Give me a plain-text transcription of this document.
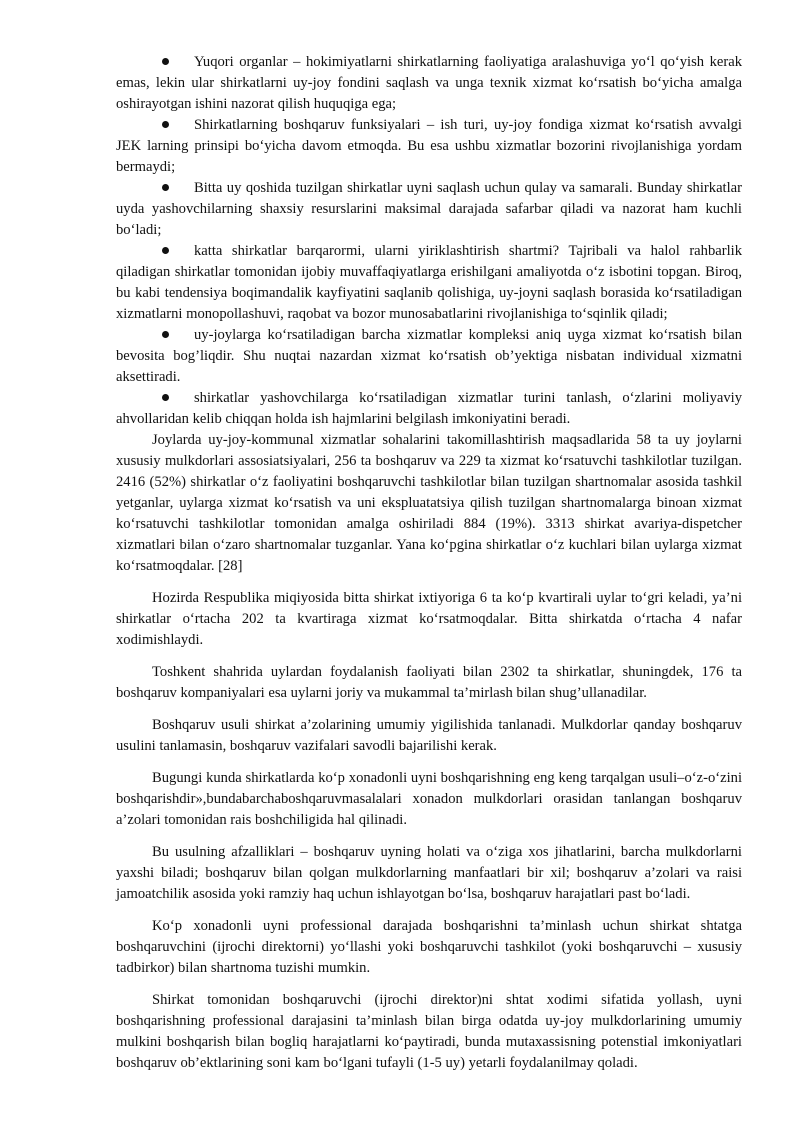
Yuqori organlar – hokimiyatlarni shirkatlarning faoliyatiga aralashuviga yo‘l qo‘yish kerak emas, lekin ular shirkatlarni uy-joy fondini saqlash va unga texnik xizmat ko‘rsatish bo‘yicha amalga oshirayotgan ishini nazorat qilish huquqiga ega;
Shirkatlarning boshqaruv funksiyalari – ish turi, uy-joy fondiga xizmat ko‘rsatish avvalgi JEK larning prinsipi bo‘yicha davom etmoqda. Bu esa ushbu xizmatlar bozorini rivojlanishiga yordam bermaydi;
Bitta uy qoshida tuzilgan shirkatlar uyni saqlash uchun qulay va samarali. Bunday shirkatlar uyda yashovchilarning shaxsiy resurslarini maksimal darajada safarbar qiladi va nazorat ham kuchli bo‘ladi;
katta shirkatlar barqarormi, ularni yiriklashtirish shartmi? Tajribali va halol rahbarlik qiladigan shirkatlar tomonidan ijobiy muvaffaqiyatlarga erishilgani amaliyotda o‘z isbotini topgan. Biroq, bu kabi tendensiya boqimandalik kayfiyatini saqlanib qolishiga, uy-joyni saqlash borasida ko‘rsatiladigan xizmatlarni monopollashuvi, raqobat va bozor munosabatlarini rivojlanishiga to‘sqinlik qiladi;
uy-joylarga ko‘rsatiladigan barcha xizmatlar kompleksi aniq uyga xizmat ko‘rsatish bilan bevosita bog’liqdir. Shu nuqtai nazardan xizmat ko‘rsatish ob’yektiga nisbatan individual xizmatni aksettiradi.
shirkatlar yashovchilarga ko‘rsatiladigan xizmatlar turini tanlash, o‘zlarini moliyaviy ahvollaridan kelib chiqqan holda ish hajmlarini belgilash imkoniyatini beradi.

Joylarda uy-joy-kommunal xizmatlar sohalarini takomillashtirish maqsadlarida 58 ta uy joylarni xususiy mulkdorlari assosiatsiyalari, 256 ta boshqaruv va 229 ta xizmat ko‘rsatuvchi tashkilotlar tuzilgan. 2416 (52%) shirkatlar o‘z faoliyatini boshqaruvchi tashkilotlar bilan tuzilgan shartnomalar asosida tashkil yetganlar, uylarga xizmat ko‘rsatish va uni ekspluatatsiya qilish tuzilgan shartnomalarga binoan xizmat ko‘rsatuvchi tashkilotlar tomonidan amalga oshiriladi 884 (19%). 3313 shirkat avariya-dispetcher xizmatlari bilan o‘zaro shartnomalar tuzganlar. Yana ko‘pgina shirkatlar o‘z kuchlari bilan uylarga xizmat ko‘rsatmoqdalar. [28]

Hozirda Respublika miqiyosida bitta shirkat ixtiyoriga 6 ta ko‘p kvartirali uylar to‘gri keladi, ya’ni shirkatlar o‘rtacha 202 ta kvartiraga xizmat ko‘rsatmoqdalar. Bitta shirkatda o‘rtacha 4 nafar xodimishlaydi.

Toshkent shahrida uylardan foydalanish faoliyati bilan 2302 ta shirkatlar, shuningdek, 176 ta boshqaruv kompaniyalari esa uylarni joriy va mukammal ta’mirlash bilan shug’ullanadilar.

Boshqaruv usuli shirkat a’zolarining umumiy yigilishida tanlanadi. Mulkdorlar qanday boshqaruv usulini tanlamasin, boshqaruv vazifalari savodli bajarilishi kerak.

Bugungi kunda shirkatlarda ko‘p xonadonli uyni boshqarishning eng keng tarqalgan usuli–o‘z-o‘zini boshqarishdir»,bundabarchaboshqaruvmasalalari xonadon mulkdorlari orasidan tanlangan boshqaruv a’zolari tomonidan rais boshchiligida hal qilinadi.

Bu usulning afzalliklari – boshqaruv uyning holati va o‘ziga xos jihatlarini, barcha mulkdorlarni yaxshi biladi; boshqaruv bilan qolgan mulkdorlarning manfaatlari bir xil; boshqaruv a’zolari va raisi jamoatchilik asosida yoki ramziy haq uchun ishlayotgan bo‘lsa, boshqaruv harajatlari past bo‘ladi.

Ko‘p xonadonli uyni professional darajada boshqarishni ta’minlash uchun shirkat shtatga boshqaruvchini (ijrochi direktorni) yo‘llashi yoki boshqaruvchi tashkilot (yoki boshqaruvchi – xususiy tadbirkor) bilan shartnoma tuzishi mumkin.

Shirkat tomonidan boshqaruvchi (ijrochi direktor)ni shtat xodimi sifatida yollash, uyni boshqarishning professional darajasini ta’minlash bilan birga odatda uy-joy mulkdorlarining umumiy mulkini boshqarish bilan bogliq harajatlarni ko‘paytiradi, bunda mutaxassisning potenstial imkoniyatlari boshqaruv ob’ektlarining soni kam bo‘lgani tufayli (1-5 uy) yetarli foydalanilmay qoladi.
